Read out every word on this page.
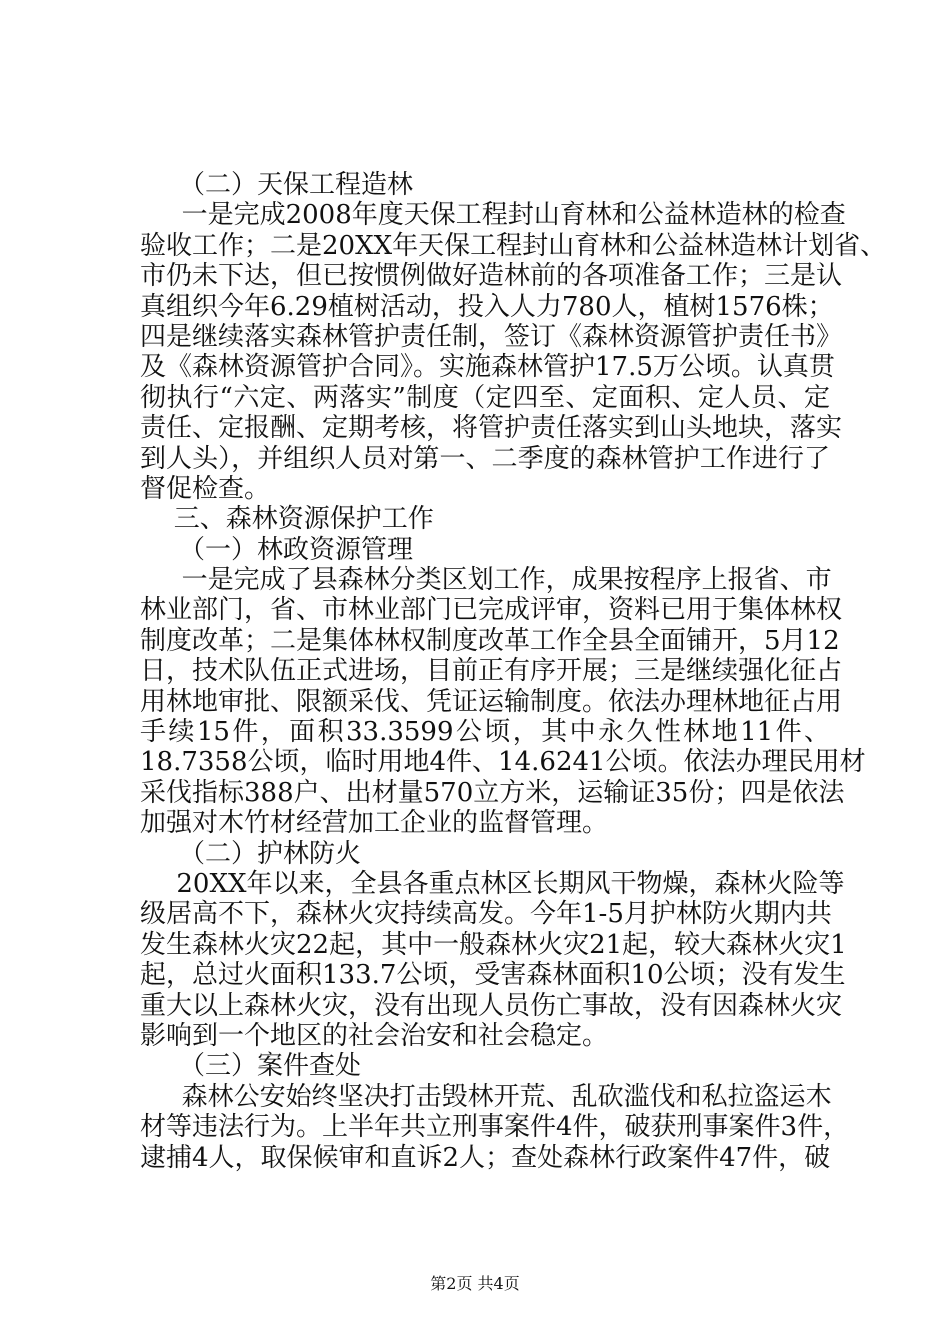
（二）天保工程造林
一是完成2008年度天保工程封山育林和公益林造林的检查
验收工作；二是20XX年天保工程封山育林和公益林造林计划省、
市仍未下达，但已按惯例做好造林前的各项准备工作；三是认
真组织今年6.29植树活动，投入人力780人，植树1576株；
四是继续落实森林管护责任制，签订《森林资源管护责任书》
及《森林资源管护合同》。实施森林管护17.5万公顷。认真贯
彻执行“六定、两落实”制度（定四至、定面积、定人员、定
责任、定报酬、定期考核，将管护责任落实到山头地块，落实
到人头），并组织人员对第一、二季度的森林管护工作进行了
督促检查。
三、森林资源保护工作
（一）林政资源管理
一是完成了县森林分类区划工作，成果按程序上报省、市
林业部门，省、市林业部门已完成评审，资料已用于集体林权
制度改革；二是集体林权制度改革工作全县全面铺开，5月12
日，技术队伍正式进场，目前正有序开展；三是继续强化征占
用林地审批、限额采伐、凭证运输制度。依法办理林地征占用
手续15件，面积33.3599公顷，其中永久性林地11件、
18.7358公顷，临时用地4件、14.6241公顷。依法办理民用材
采伐指标388户、出材量570立方米，运输证35份；四是依法
加强对木竹材经营加工企业的监督管理。
（二）护林防火
20XX年以来，全县各重点林区长期风干物燥，森林火险等
级居高不下，森林火灾持续高发。今年1-5月护林防火期内共
发生森林火灾22起，其中一般森林火灾21起，较大森林火灾1
起，总过火面积133.7公顷，受害森林面积10公顷；没有发生
重大以上森林火灾，没有出现人员伤亡事故，没有因森林火灾
影响到一个地区的社会治安和社会稳定。
（三）案件查处
森林公安始终坚决打击毁林开荒、乱砍滥伐和私拉盗运木
材等违法行为。上半年共立刑事案件4件，破获刑事案件3件，
逮捕4人，取保候审和直诉2人；查处森林行政案件47件，破
第2页 共4页
